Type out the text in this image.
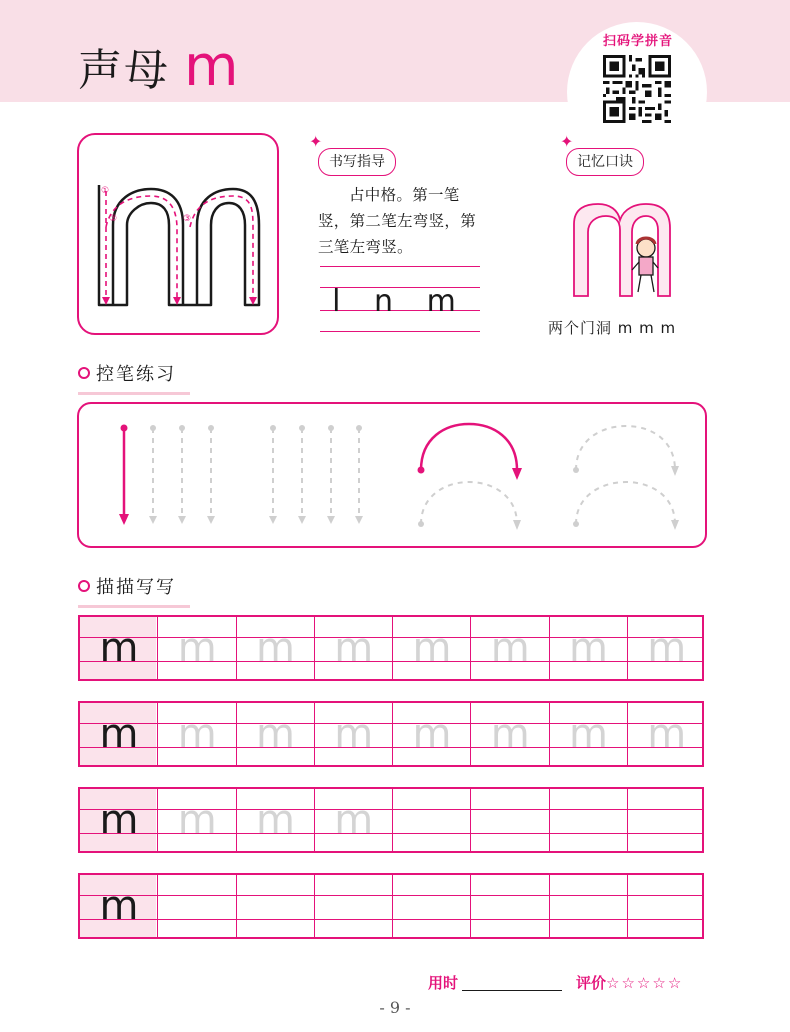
声母 m	扫码学拼音
①
②	③
✦
书写指导
占中格。第一笔竖，第二笔左弯竖，第三笔左弯竖。
l n m
✦
记忆口诀
两个门洞 m m m
控笔练习
描描写写
m m m m m m m m
m m m m m m m m
m m m m
m
用时	评价☆☆☆☆☆
- 9 -
